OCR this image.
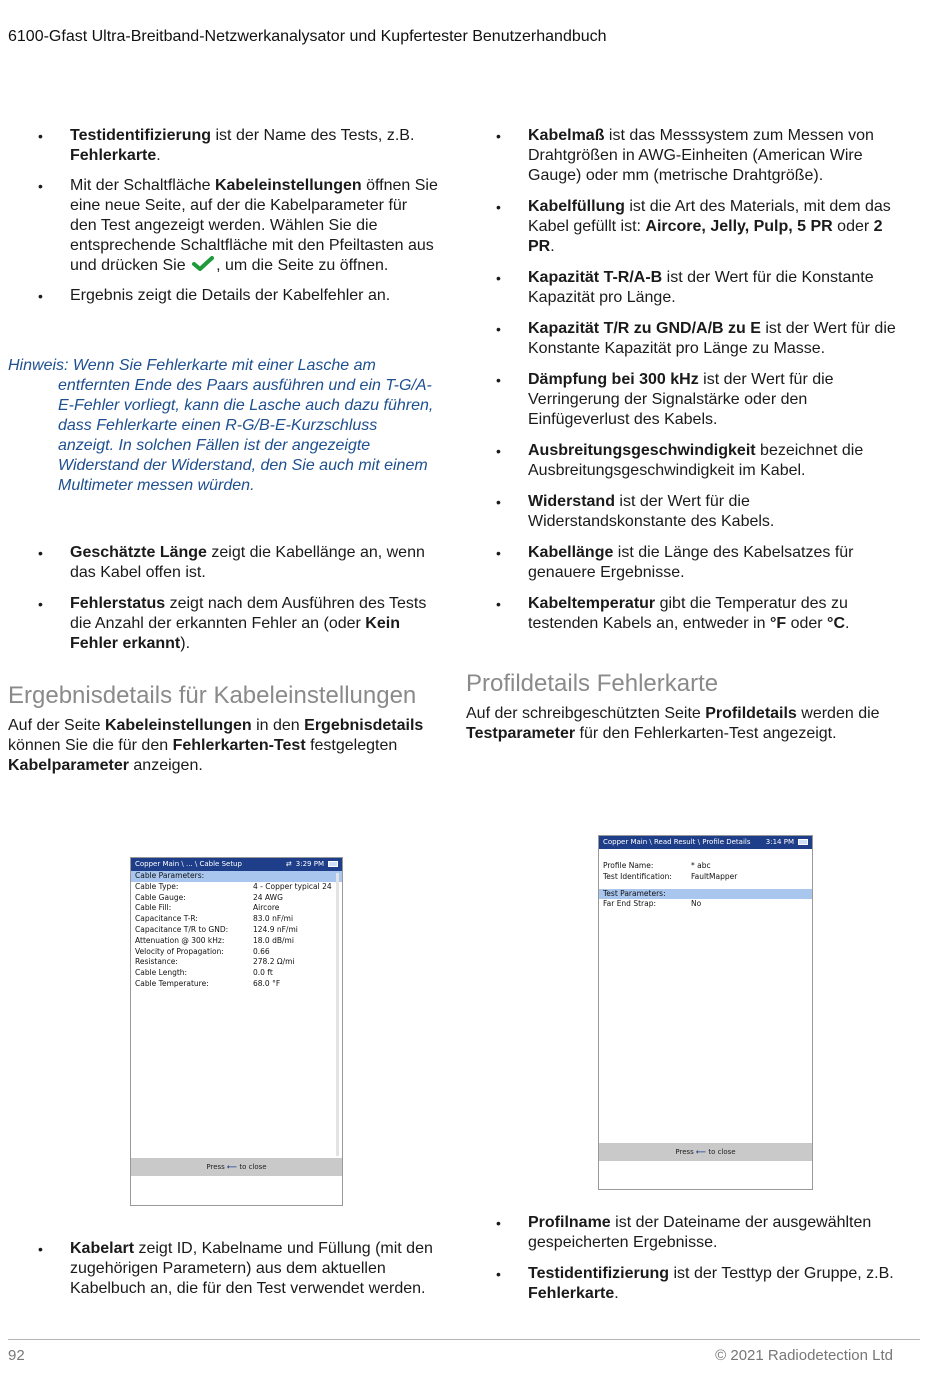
6100-Gfast Ultra-Breitband-Netzwerkanalysator und Kupfertester Benutzerhandbuch
• Testidentifizierung ist der Name des Tests, z.B. Fehlerkarte.
• Mit der Schaltfläche Kabeleinstellungen öffnen Sie eine neue Seite, auf der die Kabelparameter für den Test angezeigt werden. Wählen Sie die entsprechende Schaltfläche mit den Pfeiltasten aus und drücken Sie , um die Seite zu öffnen.
• Ergebnis zeigt die Details der Kabelfehler an.

Hinweis: Wenn Sie Fehlerkarte mit einer Lasche am entfernten Ende des Paars ausführen und ein T-G/A-E-Fehler vorliegt, kann die Lasche auch dazu führen, dass Fehlerkarte einen R-G/B-E-Kurzschluss anzeigt. In solchen Fällen ist der angezeigte Widerstand der Widerstand, den Sie auch mit einem Multimeter messen würden.

• Geschätzte Länge zeigt die Kabellänge an, wenn das Kabel offen ist.
• Fehlerstatus zeigt nach dem Ausführen des Tests die Anzahl der erkannten Fehler an (oder Kein Fehler erkannt).
Ergebnisdetails für Kabeleinstellungen

Auf der Seite Kabeleinstellungen in den Ergebnisdetails können Sie die für den Fehlerkarten-Test festgelegten Kabelparameter anzeigen.

Copper Main \ ... \ Cable Setup	⇄ 3:29 PM
Cable Parameters:
Cable Type:	4 - Copper typical 24
Cable Gauge:	24 AWG
Cable Fill:	Aircore
Capacitance T-R:	83.0 nF/mi
Capacitance T/R to GND:	124.9 nF/mi
Attenuation @ 300 kHz:	18.0 dB/mi
Velocity of Propagation:	0.66
Resistance:	278.2 Ω/mi
Cable Length:	0.0 ft
Cable Temperature:	68.0 °F
Press ⟵ to close
• Kabelart zeigt ID, Kabelname und Füllung (mit den zugehörigen Parametern) aus dem aktuellen Kabelbuch an, die für den Test verwendet werden.
• Kabelmaß ist das Messsystem zum Messen von Drahtgrößen in AWG-Einheiten (American Wire Gauge) oder mm (metrische Drahtgröße).
• Kabelfüllung ist die Art des Materials, mit dem das Kabel gefüllt ist: Aircore, Jelly, Pulp, 5 PR oder 2 PR.
• Kapazität T-R/A-B ist der Wert für die Konstante Kapazität pro Länge.
• Kapazität T/R zu GND/A/B zu E ist der Wert für die Konstante Kapazität pro Länge zu Masse.
• Dämpfung bei 300 kHz ist der Wert für die Verringerung der Signalstärke oder den Einfügeverlust des Kabels.
• Ausbreitungsgeschwindigkeit bezeichnet die Ausbreitungsgeschwindigkeit im Kabel.
• Widerstand ist der Wert für die Widerstandskonstante des Kabels.
• Kabellänge ist die Länge des Kabelsatzes für genauere Ergebnisse.
• Kabeltemperatur gibt die Temperatur des zu testenden Kabels an, entweder in °F oder °C.
Profildetails Fehlerkarte

Auf der schreibgeschützten Seite Profildetails werden die Testparameter für den Fehlerkarten-Test angezeigt.

Copper Main \ Read Result \ Profile Details 3:14 PM
Profile Name:	* abc
Test Identification:	FaultMapper
Test Parameters:
Far End Strap:	No
Press ⟵ to close
• Profilname ist der Dateiname der ausgewählten gespeicherten Ergebnisse.
• Testidentifizierung ist der Testtyp der Gruppe, z.B. Fehlerkarte.
92	© 2021 Radiodetection Ltd
